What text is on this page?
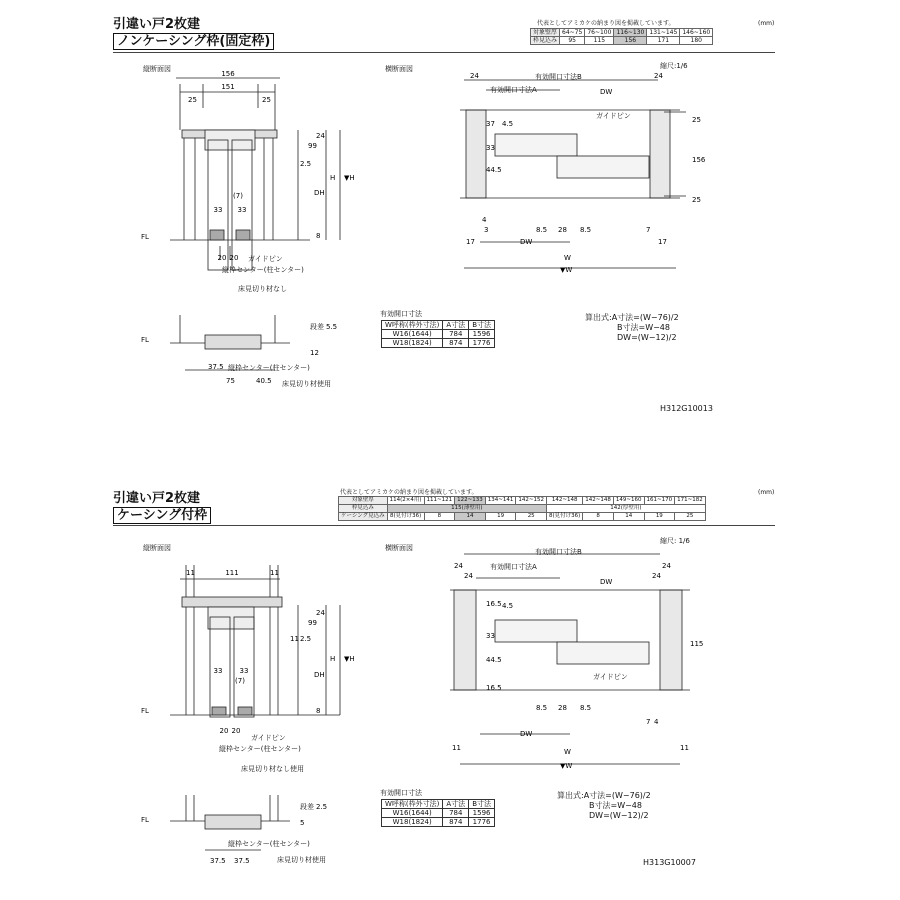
引違い戸2枚建
ノンケーシング枠(固定枠)
代表としてアミカケの納まり図を掲載しています。	(mm)
対象壁厚	64~75	76~100	116~130	131~145	146~160
枠見込み	95	115	156	171	180
縦断面図	横断面図	縮尺:1/6
156
151
25	25
(7)
33 33
20 20
99
24
2.5
DH
H ▼H
8
FL
ガイドピン
縦枠センター(柱センター)
床見切り材なし
24	24
DW
37 4.5
33
44.5
4
17
3	8.5 28 8.5
DW
7
17
W
▼W
25
156
25
有効開口寸法B
有効開口寸法A
ガイドピン
段差 5.5
12
37.5
75	40.5
FL
縦枠センター(柱センター)
床見切り材使用
有効開口寸法
W呼称(枠外寸法)	A寸法	B寸法
W16(1644)	784	1596
W18(1824)	874	1776
算出式:A寸法=(W−76)/2
　　　　B寸法=W−48
　　　　DW=(W−12)/2
H312G10013
引違い戸2枚建
ケーシング付枠
代表としてアミカケの納まり図を掲載しています。	(mm)
対象壁厚	114(2×4用)	111~121	122~133	134~141	142~152	142~148	142~148	149~160	161~170	171~182
枠見込み	115(薄壁用)					142(厚壁用)				
ケーシング見込み	8(見付け36)	8	14	19	25	8(見付け36)	8	14	19	25
縦断面図	横断面図
縮尺: 1/6
11	111	11
(7)
33 33
20 20
99
24
2.5
11
DH
H ▼H
8
FL
ガイドピン
縦枠センター(柱センター)
床見切り材なし使用
24
24
24
24
DW
16.5 4.5
33
44.5
16.5
8.5 28 8.5
DW
7 4
11	11
W
▼W
115
有効開口寸法B
有効開口寸法A
ガイドピン
段差 2.5
5
37.5 37.5
FL
縦枠センター(柱センター)
床見切り材使用
有効開口寸法
W呼称(枠外寸法)	A寸法	B寸法
W16(1644)	784	1596
W18(1824)	874	1776
算出式:A寸法=(W−76)/2
　　　　B寸法=W−48
　　　　DW=(W−12)/2
H313G10007
